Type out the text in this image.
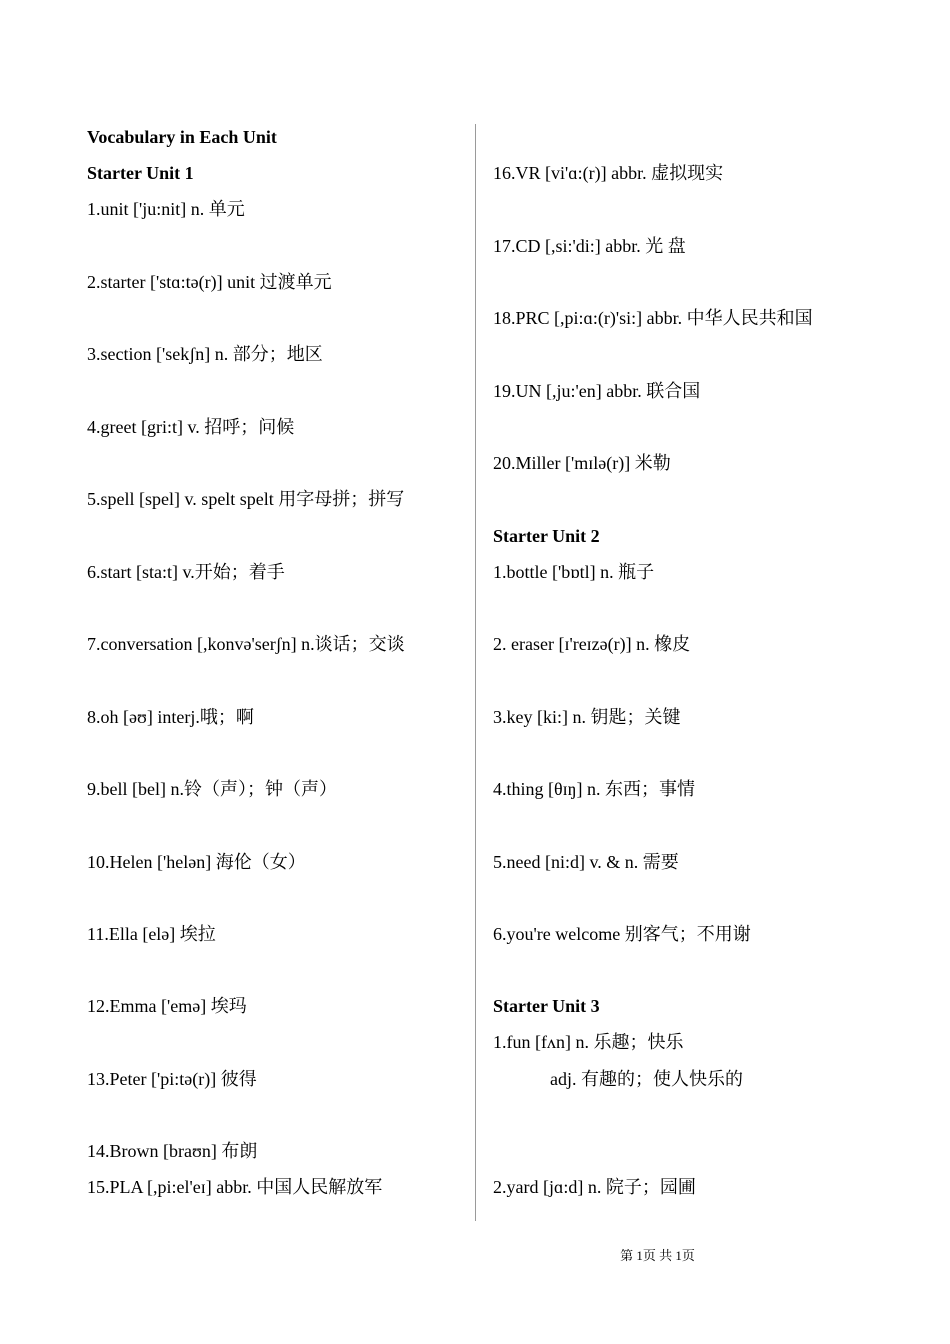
Vocabulary in Each Unit
Starter Unit 1
1.unit ['ju:nit] n. 单元
2.starter ['stɑ:tə(r)] unit 过渡单元
3.section ['sekʃn] n. 部分；地区
4.greet [gri:t] v. 招呼；问候
5.spell [spel] v. spelt spelt 用字母拼；拼写
6.start [sta:t] v.开始；着手
7.conversation [,konvə'serʃn] n.谈话；交谈
8.oh [əʊ] interj.哦；啊
9.bell [bel] n.铃（声）；钟（声）
10.Helen ['helən] 海伦（女）
11.Ella [elə] 埃拉
12.Emma ['emə] 埃玛
13.Peter ['pi:tə(r)] 彼得
14.Brown [braʊn] 布朗
15.PLA [,pi:el'eɪ] abbr. 中国人民解放军
16.VR [vi'ɑ:(r)] abbr. 虚拟现实
17.CD [,si:'di:] abbr. 光 盘
18.PRC [,pi:ɑ:(r)'si:] abbr. 中华人民共和国
19.UN [,ju:'en] abbr. 联合国
20.Miller ['mɪlə(r)] 米勒
Starter Unit 2
1.bottle ['bɒtl] n. 瓶子
2. eraser [ɪ'reɪzə(r)] n. 橡皮
3.key [ki:] n. 钥匙；关键
4.thing [θɪŋ] n. 东西；事情
5.need [ni:d] v. & n. 需要
6.you're welcome 别客气；不用谢
Starter Unit 3
1.fun [fʌn] n. 乐趣；快乐
adj. 有趣的；使人快乐的
2.yard [jɑ:d] n. 院子；园圃
第 1页 共 1页
